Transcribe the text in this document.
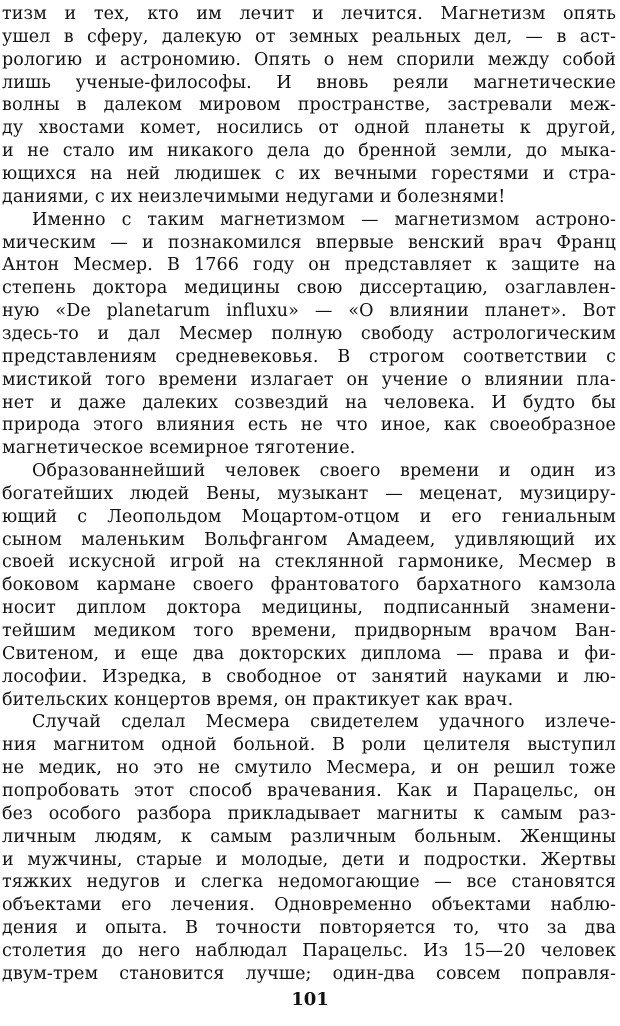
тизм и тех, кто им лечит и лечится. Магнетизм опять
ушел в сферу, далекую от земных реальных дел, — в аст-
рологию и астрономию. Опять о нем спорили между собой
лишь ученые-философы. И вновь реяли магнетические
волны в далеком мировом пространстве, застревали меж-
ду хвостами комет, носились от одной планеты к другой,
и не стало им никакого дела до бренной земли, до мыка-
ющихся на ней людишек с их вечными горестями и стра-
даниями, с их неизлечимыми недугами и болезнями!
Именно с таким магнетизмом — магнетизмом астроно-
мическим — и познакомился впервые венский врач Франц
Антон Месмер. В 1766 году он представляет к защите на
степень доктора медицины свою диссертацию, озаглавлен-
ную «De planetarum influxu» — «О влиянии планет». Вот
здесь-то и дал Месмер полную свободу астрологическим
представлениям средневековья. В строгом соответствии с
мистикой того времени излагает он учение о влиянии пла-
нет и даже далеких созвездий на человека. И будто бы
природа этого влияния есть не что иное, как своеобразное
магнетическое всемирное тяготение.
Образованнейший человек своего времени и один из
богатейших людей Вены, музыкант — меценат, музициру-
ющий с Леопольдом Моцартом-отцом и его гениальным
сыном маленьким Вольфгангом Амадеем, удивляющий их
своей искусной игрой на стеклянной гармонике, Месмер в
боковом кармане своего франтоватого бархатного камзола
носит диплом доктора медицины, подписанный знамени-
тейшим медиком того времени, придворным врачом Ван-
Свитеном, и еще два докторских диплома — права и фи-
лософии. Изредка, в свободное от занятий науками и лю-
бительских концертов время, он практикует как врач.
Случай сделал Месмера свидетелем удачного излече-
ния магнитом одной больной. В роли целителя выступил
не медик, но это не смутило Месмера, и он решил тоже
попробовать этот способ врачевания. Как и Парацельс, он
без особого разбора прикладывает магниты к самым раз-
личным людям, к самым различным больным. Женщины
и мужчины, старые и молодые, дети и подростки. Жертвы
тяжких недугов и слегка недомогающие — все становятся
объектами его лечения. Одновременно объектами наблю-
дения и опыта. В точности повторяется то, что за два
столетия до него наблюдал Парацельс. Из 15—20 человек
двум-трем становится лучше; один-два совсем поправля-
101
